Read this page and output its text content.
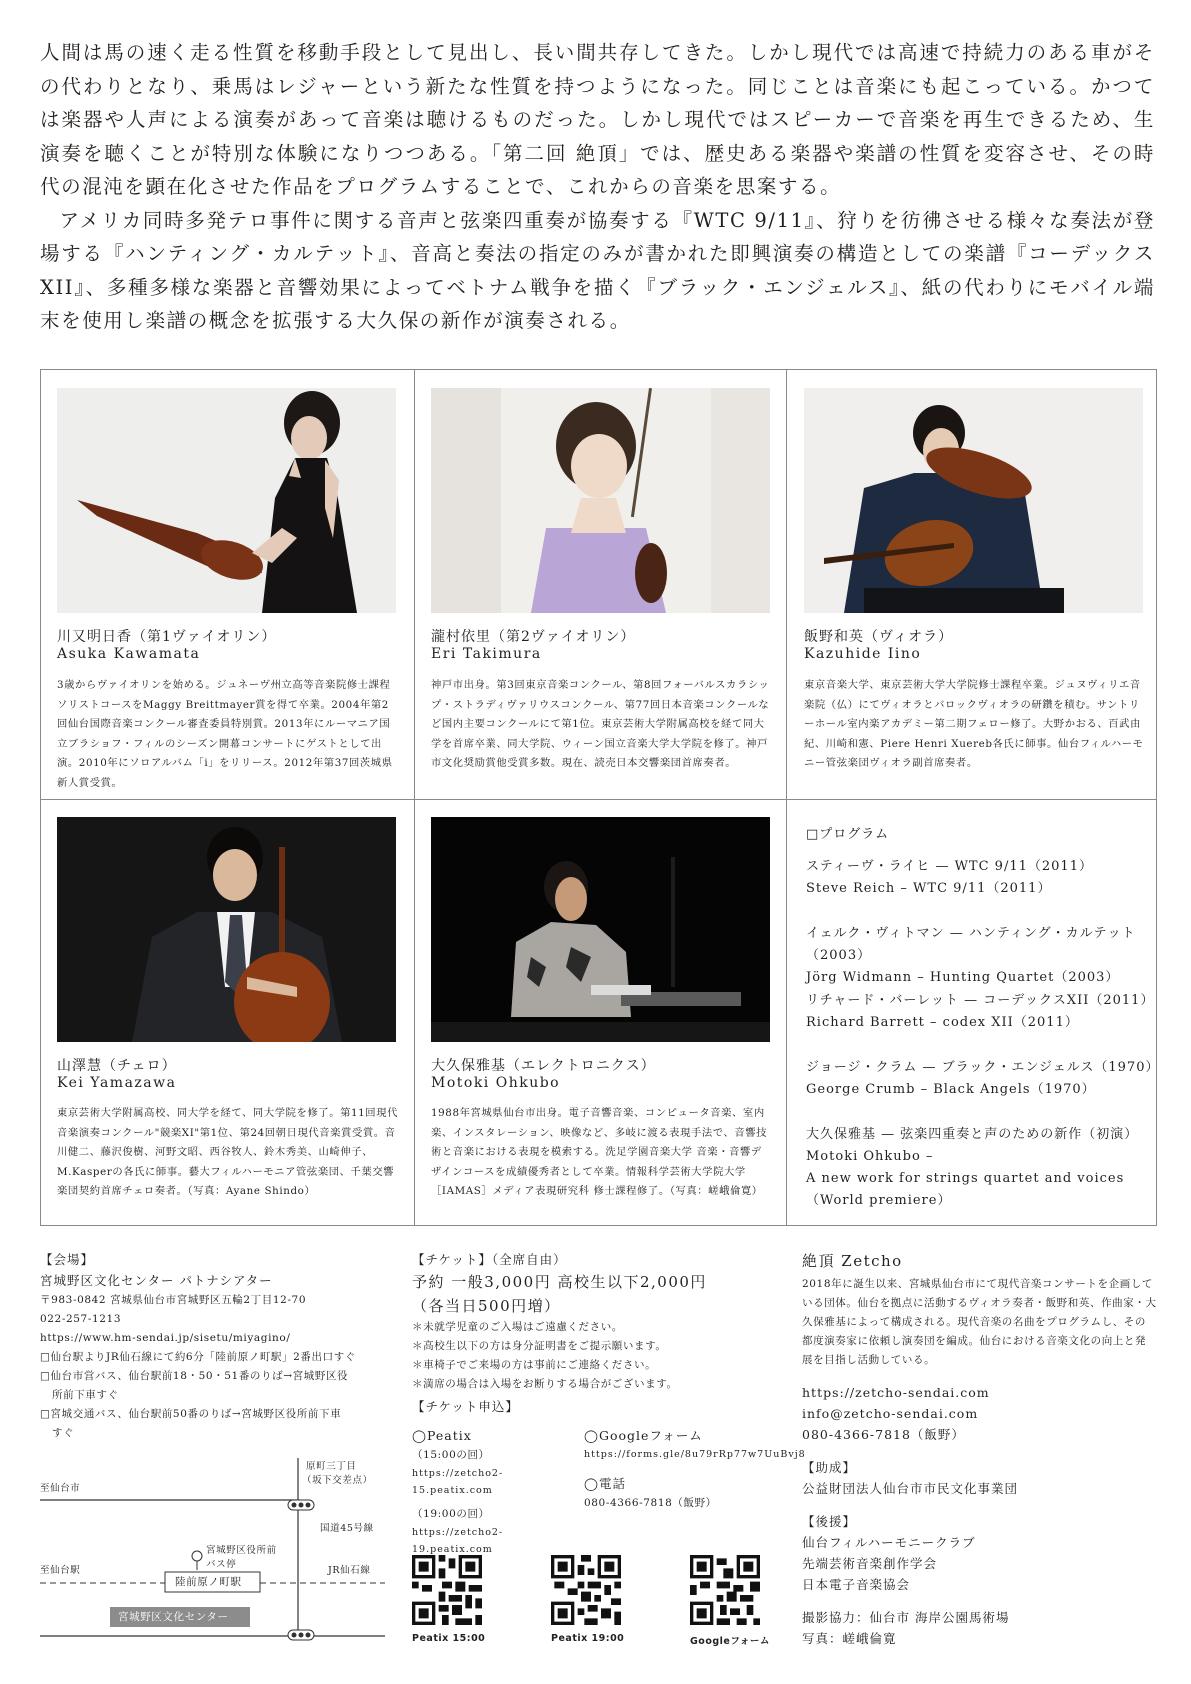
人間は馬の速く走る性質を移動手段として見出し、長い間共存してきた。しかし現代では高速で持続力のある車がその代わりとなり、乗馬はレジャーという新たな性質を持つようになった。同じことは音楽にも起こっている。かつては楽器や人声による演奏があって音楽は聴けるものだった。しかし現代ではスピーカーで音楽を再生できるため、生演奏を聴くことが特別な体験になりつつある。「第二回 絶頂」では、歴史ある楽器や楽譜の性質を変容させ、その時代の混沌を顕在化させた作品をプログラムすることで、これからの音楽を思案する。

アメリカ同時多発テロ事件に関する音声と弦楽四重奏が協奏する『WTC 9/11』、狩りを彷彿させる様々な奏法が登場する『ハンティング・カルテット』、音高と奏法の指定のみが書かれた即興演奏の構造としての楽譜『コーデックスXII』、多種多様な楽器と音響効果によってベトナム戦争を描く『ブラック・エンジェルス』、紙の代わりにモバイル端末を使用し楽譜の概念を拡張する大久保の新作が演奏される。

川又明日香（第1ヴァイオリン）
Asuka Kawamata
3歳からヴァイオリンを始める。ジュネーヴ州立高等音楽院修士課程ソリストコースをMaggy Breittmayer賞を得て卒業。2004年第2回仙台国際音楽コンクール審査委員特別賞。2013年にルーマニア国立ブラショフ・フィルのシーズン開幕コンサートにゲストとして出演。2010年にソロアルバム「i」をリリース。2012年第37回茨城県新人賞受賞。
瀧村依里（第2ヴァイオリン）
Eri Takimura
神戸市出身。第3回東京音楽コンクール、第8回フォーバルスカラシップ・ストラディヴァリウスコンクール、第77回日本音楽コンクールなど国内主要コンクールにて第1位。東京芸術大学附属高校を経て同大学を首席卒業、同大学院、ウィーン国立音楽大学大学院を修了。神戸市文化奨励賞他受賞多数。現在、読売日本交響楽団首席奏者。
飯野和英（ヴィオラ）
Kazuhide Iino
東京音楽大学、東京芸術大学大学院修士課程卒業。ジュヌヴィリエ音楽院（仏）にてヴィオラとバロックヴィオラの研鑽を積む。サントリーホール室内楽アカデミー第二期フェロー修了。大野かおる、百武由紀、川崎和憲、Piere Henri Xuereb各氏に師事。仙台フィルハーモニー管弦楽団ヴィオラ副首席奏者。
山澤慧（チェロ）
Kei Yamazawa
東京芸術大学附属高校、同大学を経て、同大学院を修了。第11回現代音楽演奏コンクール"競楽XI"第1位、第24回朝日現代音楽賞受賞。音川健二、藤沢俊樹、河野文昭、西谷牧人、鈴木秀美、山崎伸子、M.Kasperの各氏に師事。藝大フィルハーモニア管弦楽団、千葉交響楽団契約首席チェロ奏者。（写真：Ayane Shindo）
大久保雅基（エレクトロニクス）
Motoki Ohkubo
1988年宮城県仙台市出身。電子音響音楽、コンピュータ音楽、室内楽、インスタレーション、映像など、多岐に渡る表現手法で、音響技術と音楽における表現を模索する。洗足学園音楽大学 音楽・音響デザインコースを成績優秀者として卒業。情報科学芸術大学院大学［IAMAS］メディア表現研究科 修士課程修了。（写真：嵯峨倫寛）
□プログラム
スティーヴ・ライヒ — WTC 9/11（2011）
Steve Reich – WTC 9/11（2011）
イェルク・ヴィトマン — ハンティング・カルテット（2003）
Jörg Widmann – Hunting Quartet（2003）
リチャード・バーレット — コーデックスXII（2011）
Richard Barrett – codex XII（2011）
ジョージ・クラム — ブラック・エンジェルス（1970）
George Crumb – Black Angels（1970）
大久保雅基 — 弦楽四重奏と声のための新作（初演）
Motoki Ohkubo –
A new work for strings quartet and voices
（World premiere）
【会場】
宮城野区文化センター パトナシアター
〒983-0842 宮城県仙台市宮城野区五輪2丁目12-70
022-257-1213
https://www.hm-sendai.jp/sisetu/miyagino/
□仙台駅よりJR仙石線にて約6分「陸前原ノ町駅」2番出口すぐ
□仙台市営バス、仙台駅前18・50・51番のりば→宮城野区役
所前下車すぐ
□宮城交通バス、仙台駅前50番のりば→宮城野区役所前下車
すぐ
至仙台市
至仙台駅
原町三丁目
（坂下交差点）
国道45号線
宮城野区役所前
バス停
JR仙石線
陸前原ノ町駅
宮城野区文化センター
【チケット】（全席自由）
予約 一般3,000円 高校生以下2,000円
（各当日500円増）
＊未就学児童のご入場はご遠慮ください。
＊高校生以下の方は身分証明書をご提示願います。
＊車椅子でご来場の方は事前にご連絡ください。
＊満席の場合は入場をお断りする場合がございます。
【チケット申込】
◯Peatix
（15:00の回）
https://zetcho2-15.peatix.com
（19:00の回）
https://zetcho2-19.peatix.com
◯Googleフォーム
https://forms.gle/8u79rRp77w7UuBvj8
◯電話
080-4366-7818（飯野）
Peatix 15:00	Peatix 19:00	Googleフォーム
絶頂 Zetcho
2018年に誕生以来、宮城県仙台市にて現代音楽コンサートを企画している団体。仙台を拠点に活動するヴィオラ奏者・飯野和英、作曲家・大久保雅基によって構成される。現代音楽の名曲をプログラムし、その都度演奏家に依頼し演奏団を編成。仙台における音楽文化の向上と発展を目指し活動している。
https://zetcho-sendai.com
info@zetcho-sendai.com
080-4366-7818（飯野）
【助成】
公益財団法人仙台市市民文化事業団
【後援】
仙台フィルハーモニークラブ
先端芸術音楽創作学会
日本電子音楽協会
撮影協力：仙台市 海岸公園馬術場
写真：嵯峨倫寛
